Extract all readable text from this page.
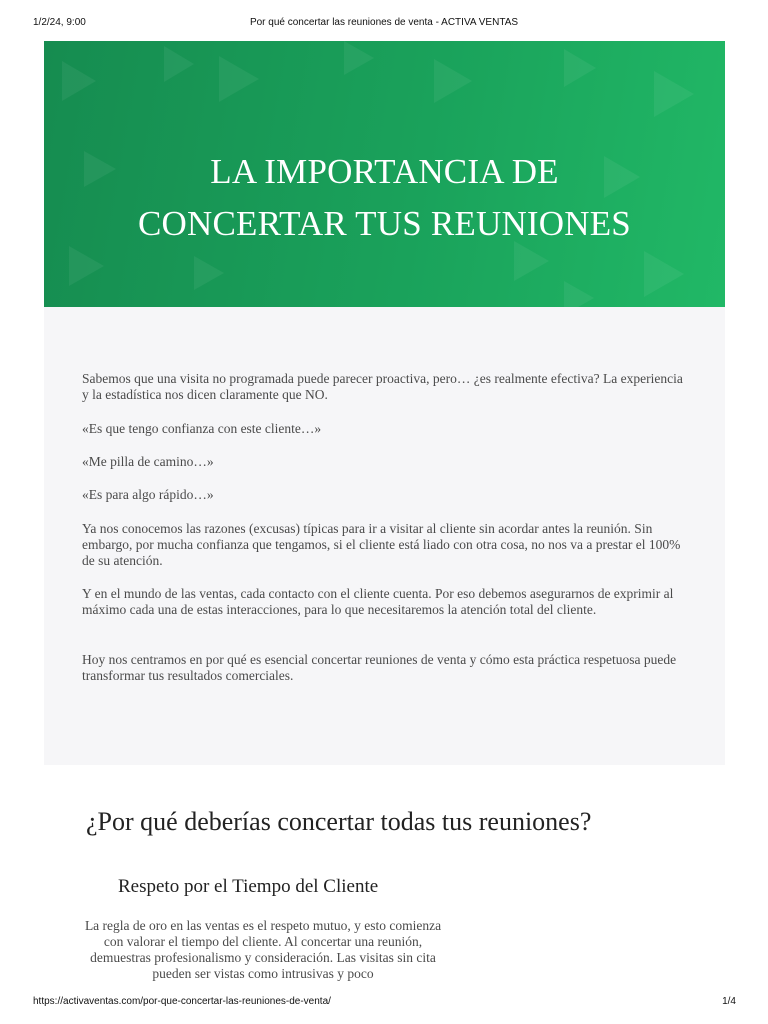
1/2/24, 9:00	Por qué concertar las reuniones de venta - ACTIVA VENTAS
LA IMPORTANCIA DE
CONCERTAR TUS REUNIONES

Sabemos que una visita no programada puede parecer proactiva, pero… ¿es realmente efectiva? La experiencia y la estadística nos dicen claramente que NO.

«Es que tengo confianza con este cliente…»

«Me pilla de camino…»

«Es para algo rápido…»

Ya nos conocemos las razones (excusas) típicas para ir a visitar al cliente sin acordar antes la reunión. Sin embargo, por mucha confianza que tengamos, si el cliente está liado con otra cosa, no nos va a prestar el 100% de su atención.

Y en el mundo de las ventas, cada contacto con el cliente cuenta. Por eso debemos asegurarnos de exprimir al máximo cada una de estas interacciones, para lo que necesitaremos la atención total del cliente.

Hoy nos centramos en por qué es esencial concertar reuniones de venta y cómo esta práctica respetuosa puede transformar tus resultados comerciales.

¿Por qué deberías concertar todas tus reuniones?
Respeto por el Tiempo del Cliente

La regla de oro en las ventas es el respeto mutuo, y esto comienza con valorar el tiempo del cliente. Al concertar una reunión, demuestras profesionalismo y consideración. Las visitas sin cita pueden ser vistas como intrusivas y poco

https://activaventas.com/por-que-concertar-las-reuniones-de-venta/	1/4
